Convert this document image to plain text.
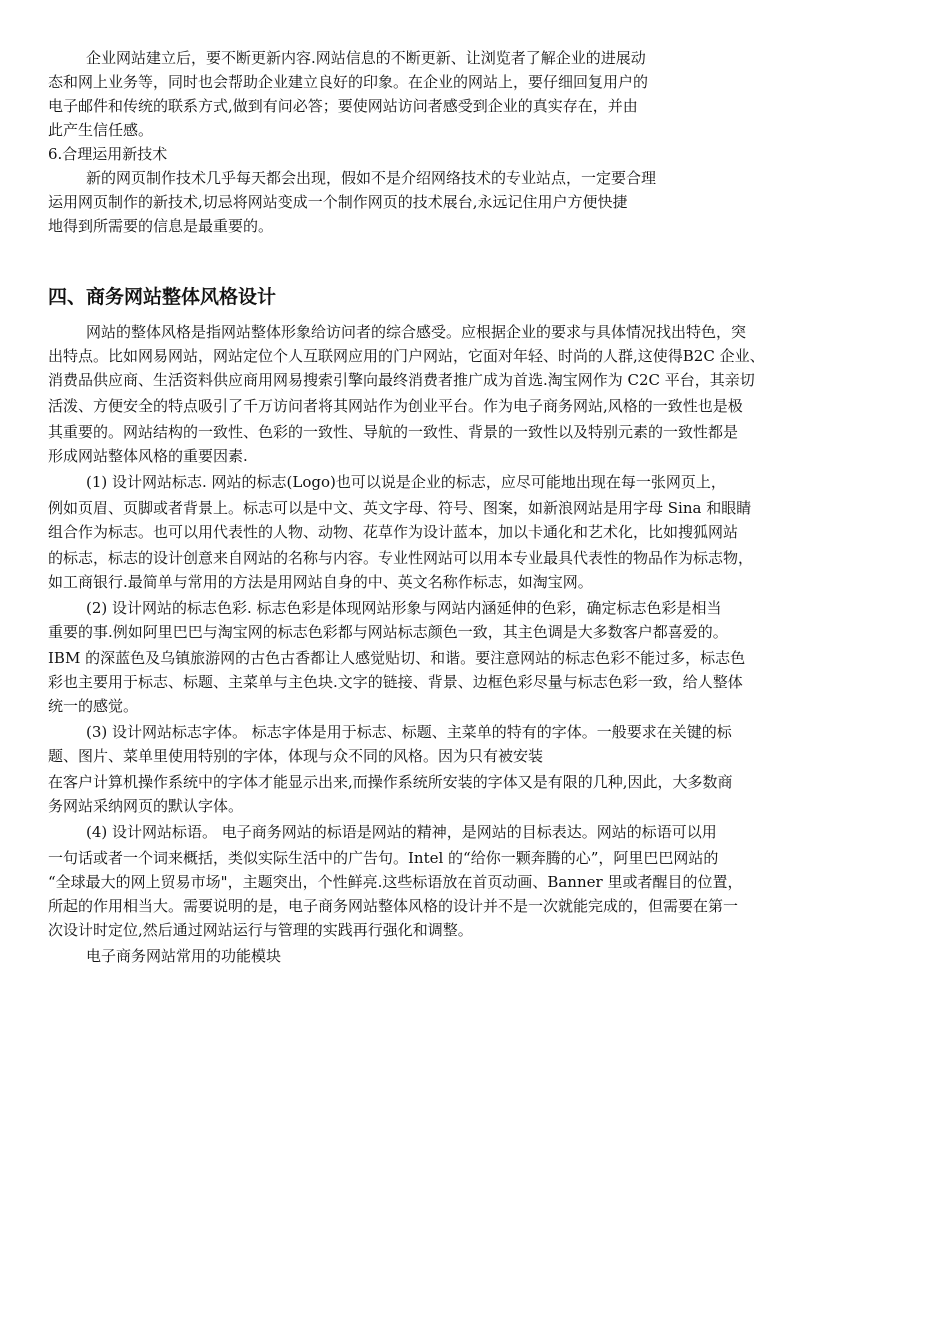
企业网站建立后，要不断更新内容.网站信息的不断更新、让浏览者了解企业的进展动
态和网上业务等，同时也会帮助企业建立良好的印象。在企业的网站上，要仔细回复用户的
电子邮件和传统的联系方式,做到有问必答；要使网站访问者感受到企业的真实存在，并由
此产生信任感。
6.合理运用新技术
新的网页制作技术几乎每天都会出现，假如不是介绍网络技术的专业站点，一定要合理
运用网页制作的新技术,切忌将网站变成一个制作网页的技术展台,永远记住用户方便快捷
地得到所需要的信息是最重要的。
四、商务网站整体风格设计
网站的整体风格是指网站整体形象给访问者的综合感受。应根据企业的要求与具体情况找出特色，突
出特点。比如网易网站，网站定位个人互联网应用的门户网站，它面对年轻、时尚的人群,这使得B2C 企业、
消费品供应商、生活资料供应商用网易搜索引擎向最终消费者推广成为首选.淘宝网作为 C2C 平台，其亲切
活泼、方便安全的特点吸引了千万访问者将其网站作为创业平台。作为电子商务网站,风格的一致性也是极
其重要的。网站结构的一致性、色彩的一致性、导航的一致性、背景的一致性以及特别元素的一致性都是
形成网站整体风格的重要因素.
(1) 设计网站标志. 网站的标志(Logo)也可以说是企业的标志，应尽可能地出现在每一张网页上，
例如页眉、页脚或者背景上。标志可以是中文、英文字母、符号、图案，如新浪网站是用字母 Sina 和眼睛
组合作为标志。也可以用代表性的人物、动物、花草作为设计蓝本，加以卡通化和艺术化，比如搜狐网站
的标志，标志的设计创意来自网站的名称与内容。专业性网站可以用本专业最具代表性的物品作为标志物，
如工商银行.最简单与常用的方法是用网站自身的中、英文名称作标志，如淘宝网。
(2) 设计网站的标志色彩. 标志色彩是体现网站形象与网站内涵延伸的色彩，确定标志色彩是相当
重要的事.例如阿里巴巴与淘宝网的标志色彩都与网站标志颜色一致，其主色调是大多数客户都喜爱的。
IBM 的深蓝色及乌镇旅游网的古色古香都让人感觉贴切、和谐。要注意网站的标志色彩不能过多，标志色
彩也主要用于标志、标题、主菜单与主色块.文字的链接、背景、边框色彩尽量与标志色彩一致，给人整体
统一的感觉。
(3) 设计网站标志字体。 标志字体是用于标志、标题、主菜单的特有的字体。一般要求在关键的标
题、图片、菜单里使用特别的字体，体现与众不同的风格。因为只有被安装
在客户计算机操作系统中的字体才能显示出来,而操作系统所安装的字体又是有限的几种,因此，大多数商
务网站采纳网页的默认字体。
(4) 设计网站标语。 电子商务网站的标语是网站的精神，是网站的目标表达。网站的标语可以用
一句话或者一个词来概括，类似实际生活中的广告句。Intel 的“给你一颗奔腾的心”，阿里巴巴网站的
“全球最大的网上贸易市场"，主题突出，个性鲜亮.这些标语放在首页动画、Banner 里或者醒目的位置，
所起的作用相当大。需要说明的是，电子商务网站整体风格的设计并不是一次就能完成的，但需要在第一
次设计时定位,然后通过网站运行与管理的实践再行强化和调整。
电子商务网站常用的功能模块
